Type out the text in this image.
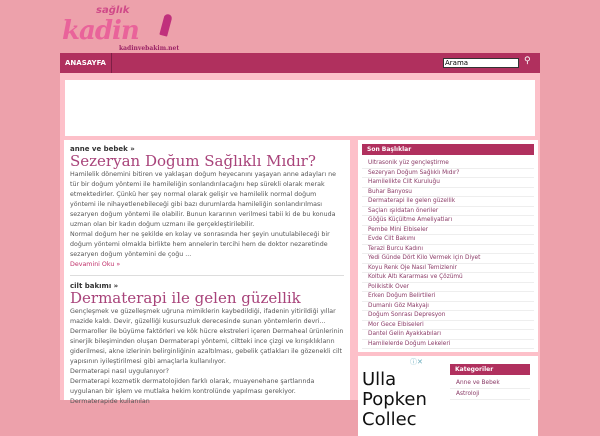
sağlık
kadin
kadinvebakim.net
ANASAYFA
Arama	⚲
anne ve bebek »
Sezeryan Doğum Sağlıklı Mıdır?

Hamilelik dönemini bitiren ve yaklaşan doğum heyecanını yaşayan anne adayları ne tür bir doğum yöntemi ile hamileliğin sonlandırılacağını hep sürekli olarak merak etmektedirler. Çünkü her şey normal olarak gelişir ve hamilelik normal doğum yöntemi ile nihayetlenebileceği gibi bazı durumlarda hamileliğin sonlandırılması sezaryen doğum yöntemi ile olabilir. Bunun kararının verilmesi tabii ki de bu konuda uzman olan bir kadın doğum uzmanı ile gerçekleştirilebilir.

Normal doğum her ne şekilde en kolay ve sonrasında her şeyin unutulabileceği bir doğum yöntemi olmakla birlikte hem annelerin tercihi hem de doktor nezaretinde sezaryen doğum yöntemini de çoğu ...

Devamini Oku »
cilt bakımı »
Dermaterapi ile gelen güzellik

Gençleşmek ve güzelleşmek uğruna mimiklerin kaybedildiği, ifadenin yitirildiği yıllar mazide kaldı. Devir, güzelliği kusursuzluk derecesinde sunan yöntemlerin devri... Dermaroller ile büyüme faktörleri ve kök hücre ekstreleri içeren Dermaheal ürünlerinin sinerjik bileşiminden oluşan Dermaterapi yöntemi, ciltteki ince çizgi ve kırışıklıkların giderilmesi, akne izlerinin belirginliğinin azaltılması, gebelik çatlakları ile gözenekli cilt yapısının iyileştirilmesi gibi amaçlarla kullanılıyor.

Dermaterapi nasıl uygulanıyor?

Dermaterapi kozmetik dermatolojiden farklı olarak, muayenehane şartlarında uygulanan bir işlem ve mutlaka hekim kontrolünde yapılması gerekiyor. Dermaterapide kullanılan

Son Başlıklar
Ultrasonik yüz gençleştirme
Sezeryan Doğum Sağlıklı Mıdır?
Hamilelikte Cilt Kuruluğu
Buhar Banyosu
Dermaterapi ile gelen güzellik
Saçları ışıldatan öneriler
Göğüs Küçültme Ameliyatları
Pembe Mini Elbiseler
Evde Cilt Bakımı
Terazi Burcu Kadını
Yedi Günde Dört Kilo Vermek için Diyet
Koyu Renk Oje Nasıl Temizlenir
Koltuk Altı Kararması ve Çözümü
Polikistik Over
Erken Doğum Belirtileri
Dumanlı Göz Makyajı
Doğum Sonrası Depresyon
Mor Gece Elbiseleri
Dantel Gelin Ayakkabıları
Hamilelerde Doğum Lekeleri
ⓘ✕
Ulla Popken Collec
Kategoriler
Anne ve Bebek
Astroloji
